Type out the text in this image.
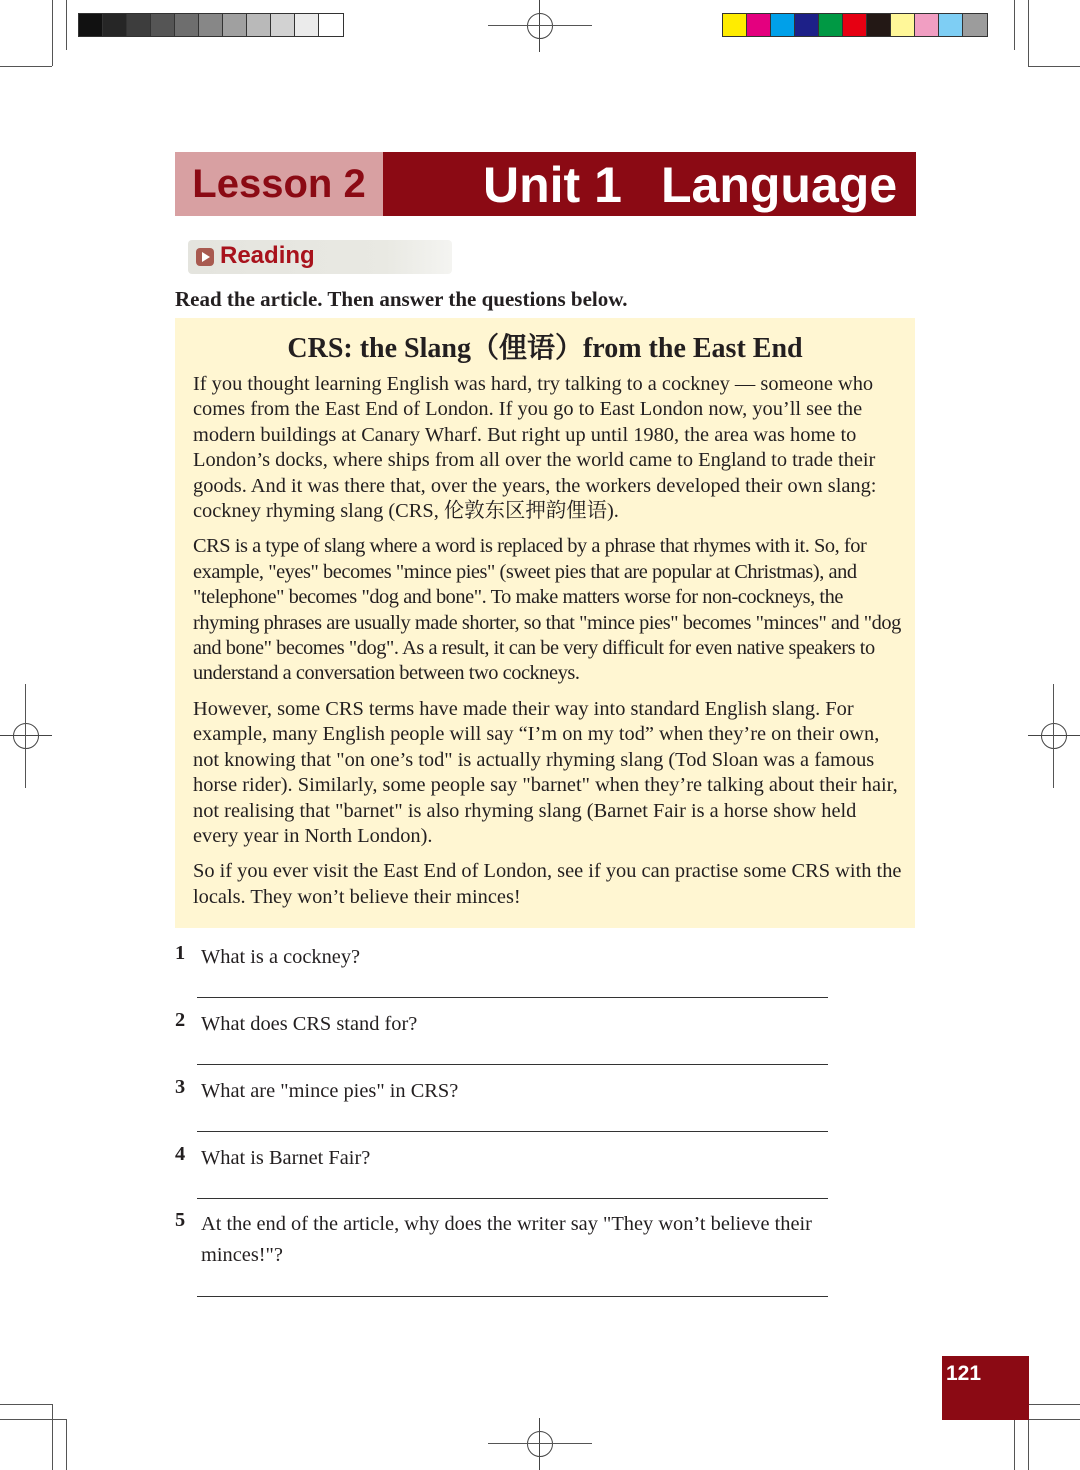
Lesson 2	Unit 1 Language
Reading
Read the article. Then answer the questions below.
CRS: the Slang（俚语）from the East End

If you thought learning English was hard, try talking to a cockney — someone who comes from the East End of London. If you go to East London now, you’ll see the modern buildings at Canary Wharf. But right up until 1980, the area was home to London’s docks, where ships from all over the world came to England to trade their goods. And it was there that, over the years, the workers developed their own slang: cockney rhyming slang (CRS, 伦敦东区押韵俚语).

CRS is a type of slang where a word is replaced by a phrase that rhymes with it. So, for example, "eyes" becomes "mince pies" (sweet pies that are popular at Christmas), and "telephone" becomes "dog and bone". To make matters worse for non-cockneys, the rhyming phrases are usually made shorter, so that "mince pies" becomes "minces" and "dog and bone" becomes "dog". As a result, it can be very difficult for even native speakers to understand a conversation between two cockneys.

However, some CRS terms have made their way into standard English slang. For example, many English people will say “I’m on my tod” when they’re on their own, not knowing that "on one’s tod" is actually rhyming slang (Tod Sloan was a famous horse rider). Similarly, some people say "barnet" when they’re talking about their hair, not realising that "barnet" is also rhyming slang (Barnet Fair is a horse show held every year in North London).

So if you ever visit the East End of London, see if you can practise some CRS with the locals. They won’t believe their minces!

1 What is a cockney?
2 What does CRS stand for?
3 What are "mince pies" in CRS?
4 What is Barnet Fair?
5 At the end of the article, why does the writer say "They won’t believe their minces!"?
121
